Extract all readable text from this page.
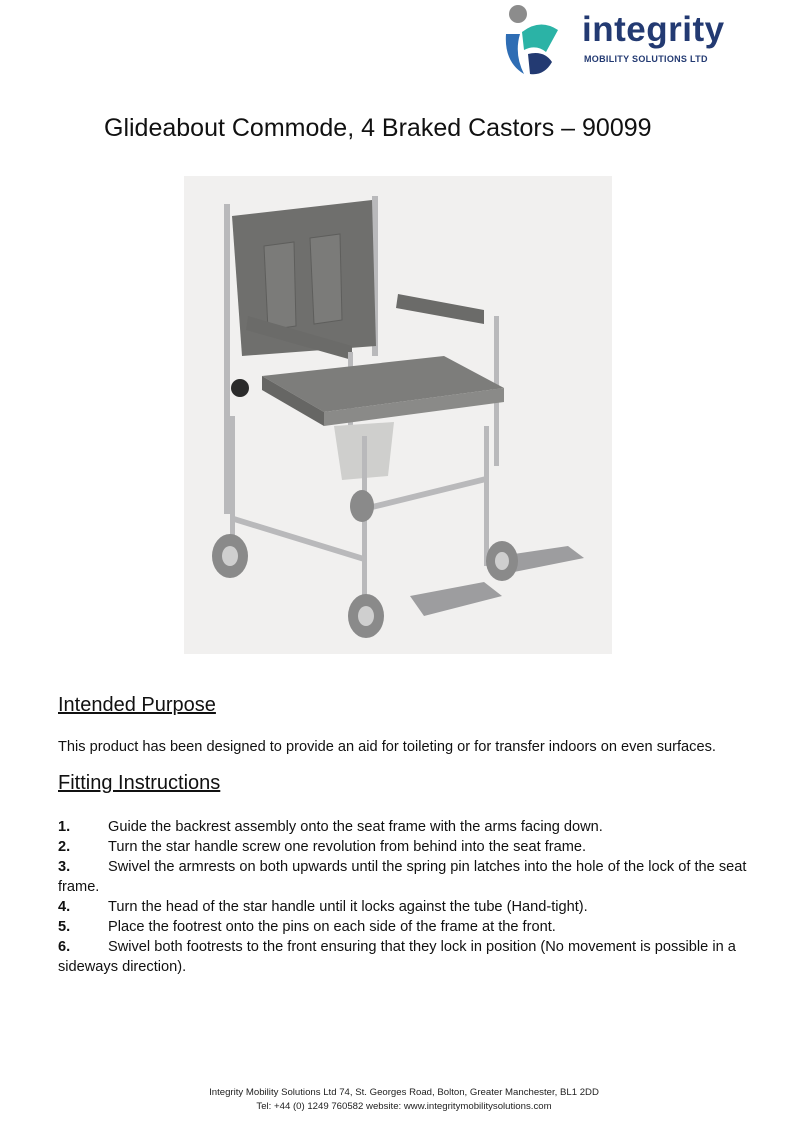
integrity
MOBILITY SOLUTIONS LTD
Glideabout Commode, 4 Braked Castors – 90099
Intended Purpose
This product has been designed to provide an aid for toileting or for transfer indoors on even surfaces.
Fitting Instructions

1.	Guide the backrest assembly onto the seat frame with the arms facing down.

2.	Turn the star handle screw one revolution from behind into the seat frame.

3.	Swivel the armrests on both upwards until the spring pin latches into the hole of the lock of the seat frame.

4.	Turn the head of the star handle until it locks against the tube (Hand-tight).

5.	Place the footrest onto the pins on each side of the frame at the front.

6.	Swivel both footrests to the front ensuring that they lock in position (No movement is possible in a sideways direction).

Integrity Mobility Solutions Ltd 74, St. Georges Road, Bolton, Greater Manchester, BL1 2DD
Tel: +44 (0) 1249 760582 website: www.integritymobilitysolutions.com
